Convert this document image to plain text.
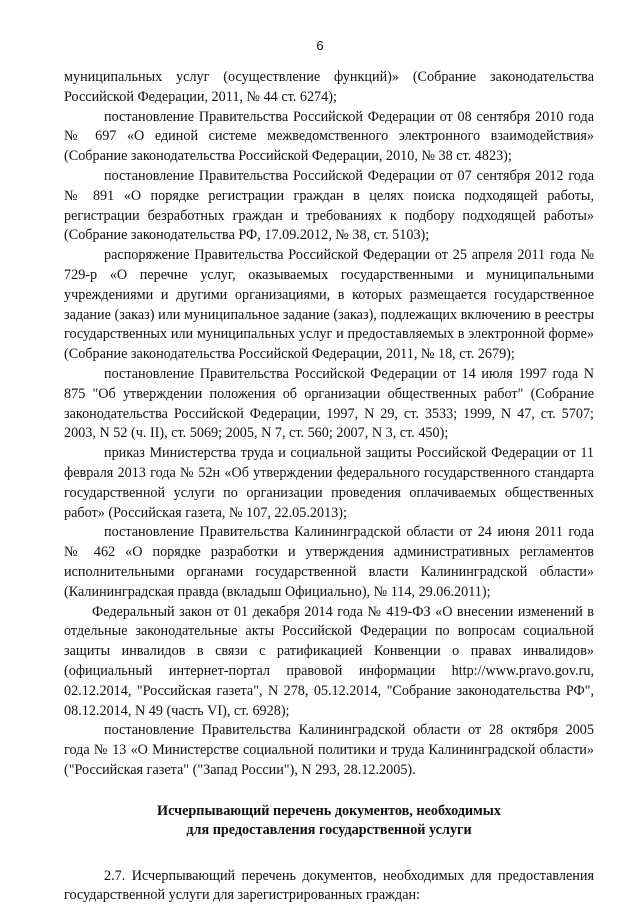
6

муниципальных услуг (осуществление функций)» (Собрание законодательства Российской Федерации, 2011, № 44 ст. 6274);

постановление Правительства Российской Федерации от 08 сентября 2010 года № 697 «О единой системе межведомственного электронного взаимодействия» (Собрание законодательства Российской Федерации, 2010, № 38 ст. 4823);

постановление Правительства Российской Федерации от 07 сентября 2012 года № 891 «О порядке регистрации граждан в целях поиска подходящей работы, регистрации безработных граждан и требованиях к подбору подходящей работы» (Собрание законодательства РФ, 17.09.2012, № 38, ст. 5103);

распоряжение Правительства Российской Федерации от 25 апреля 2011 года № 729-р «О перечне услуг, оказываемых государственными и муниципальными учреждениями и другими организациями, в которых размещается государственное задание (заказ) или муниципальное задание (заказ), подлежащих включению в реестры государственных или муниципальных услуг и предоставляемых в электронной форме» (Собрание законодательства Российской Федерации, 2011, № 18, ст. 2679);

постановление Правительства Российской Федерации от 14 июля 1997 года N 875 "Об утверждении положения об организации общественных работ" (Собрание законодательства Российской Федерации, 1997, N 29, ст. 3533; 1999, N 47, ст. 5707; 2003, N 52 (ч. II), ст. 5069; 2005, N 7, ст. 560; 2007, N 3, ст. 450);

приказ Министерства труда и социальной защиты Российской Федерации от 11 февраля 2013 года № 52н «Об утверждении федерального государственного стандарта государственной услуги по организации проведения оплачиваемых общественных работ» (Российская газета, № 107, 22.05.2013);

постановление Правительства Калининградской области от 24 июня 2011 года № 462 «О порядке разработки и утверждения административных регламентов исполнительными органами государственной власти Калининградской области» (Калининградская правда (вкладыш Официально), № 114, 29.06.2011);

Федеральный закон от 01 декабря 2014 года № 419-ФЗ «О внесении изменений в отдельные законодательные акты Российской Федерации по вопросам социальной защиты инвалидов в связи с ратификацией Конвенции о правах инвалидов» (официальный интернет-портал правовой информации http://www.pravo.gov.ru, 02.12.2014, "Российская газета", N 278, 05.12.2014, "Собрание законодательства РФ", 08.12.2014, N 49 (часть VI), ст. 6928);

постановление Правительства Калининградской области от 28 октября 2005 года № 13 «О Министерстве социальной политики и труда Калининградской области» ("Российская газета" ("Запад России"), N 293, 28.12.2005).

Исчерпывающий перечень документов, необходимых
для предоставления государственной услуги

2.7. Исчерпывающий перечень документов, необходимых для предоставления государственной услуги для зарегистрированных граждан:
